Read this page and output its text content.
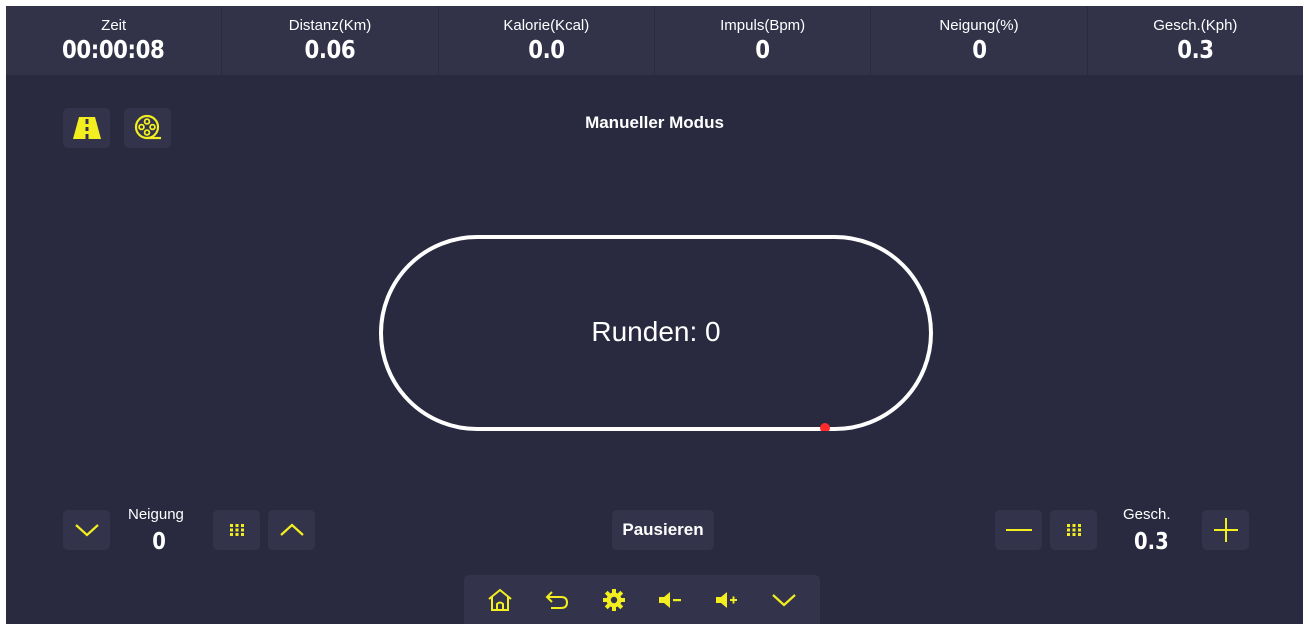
Zeit
00:00:08
Distanz(Km)
0.06
Kalorie(Kcal)
0.0
Impuls(Bpm)
0
Neigung(%)
0
Gesch.(Kph)
0.3
Manueller Modus
Runden: 0
Neigung
0	Pausieren
Gesch.
0.3
